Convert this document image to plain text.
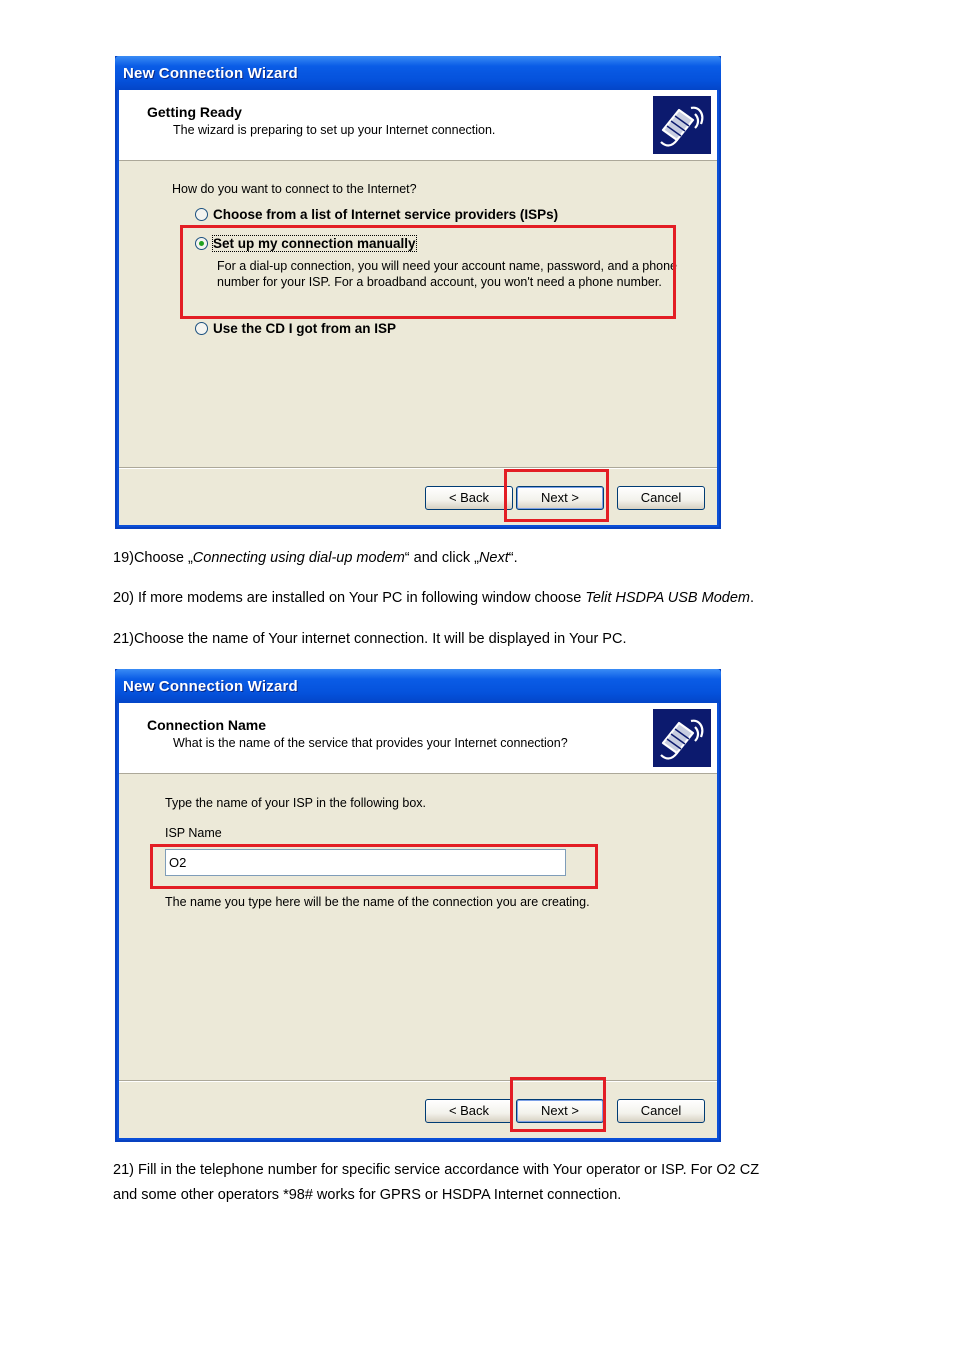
New Connection Wizard
Getting Ready
The wizard is preparing to set up your Internet connection.
How do you want to connect to the Internet?
Choose from a list of Internet service providers (ISPs)
Set up my connection manually
For a dial-up connection, you will need your account name, password, and a phone number for your ISP. For a broadband account, you won't need a phone number.
Use the CD I got from an ISP
< Back	Next >	Cancel
19)Choose „Connecting using dial-up modem“ and click „Next“.
20) If more modems are installed on Your PC in following window choose Telit HSDPA USB Modem.
21)Choose the name of Your internet connection. It will be displayed in Your PC.
New Connection Wizard
Connection Name
What is the name of the service that provides your Internet connection?
Type the name of your ISP in the following box.
ISP Name
O2
The name you type here will be the name of the connection you are creating.
< Back	Next >	Cancel
21) Fill in the telephone number for specific service accordance with Your operator or ISP. For O2 CZ
and some other operators *98# works for GPRS or HSDPA Internet connection.
